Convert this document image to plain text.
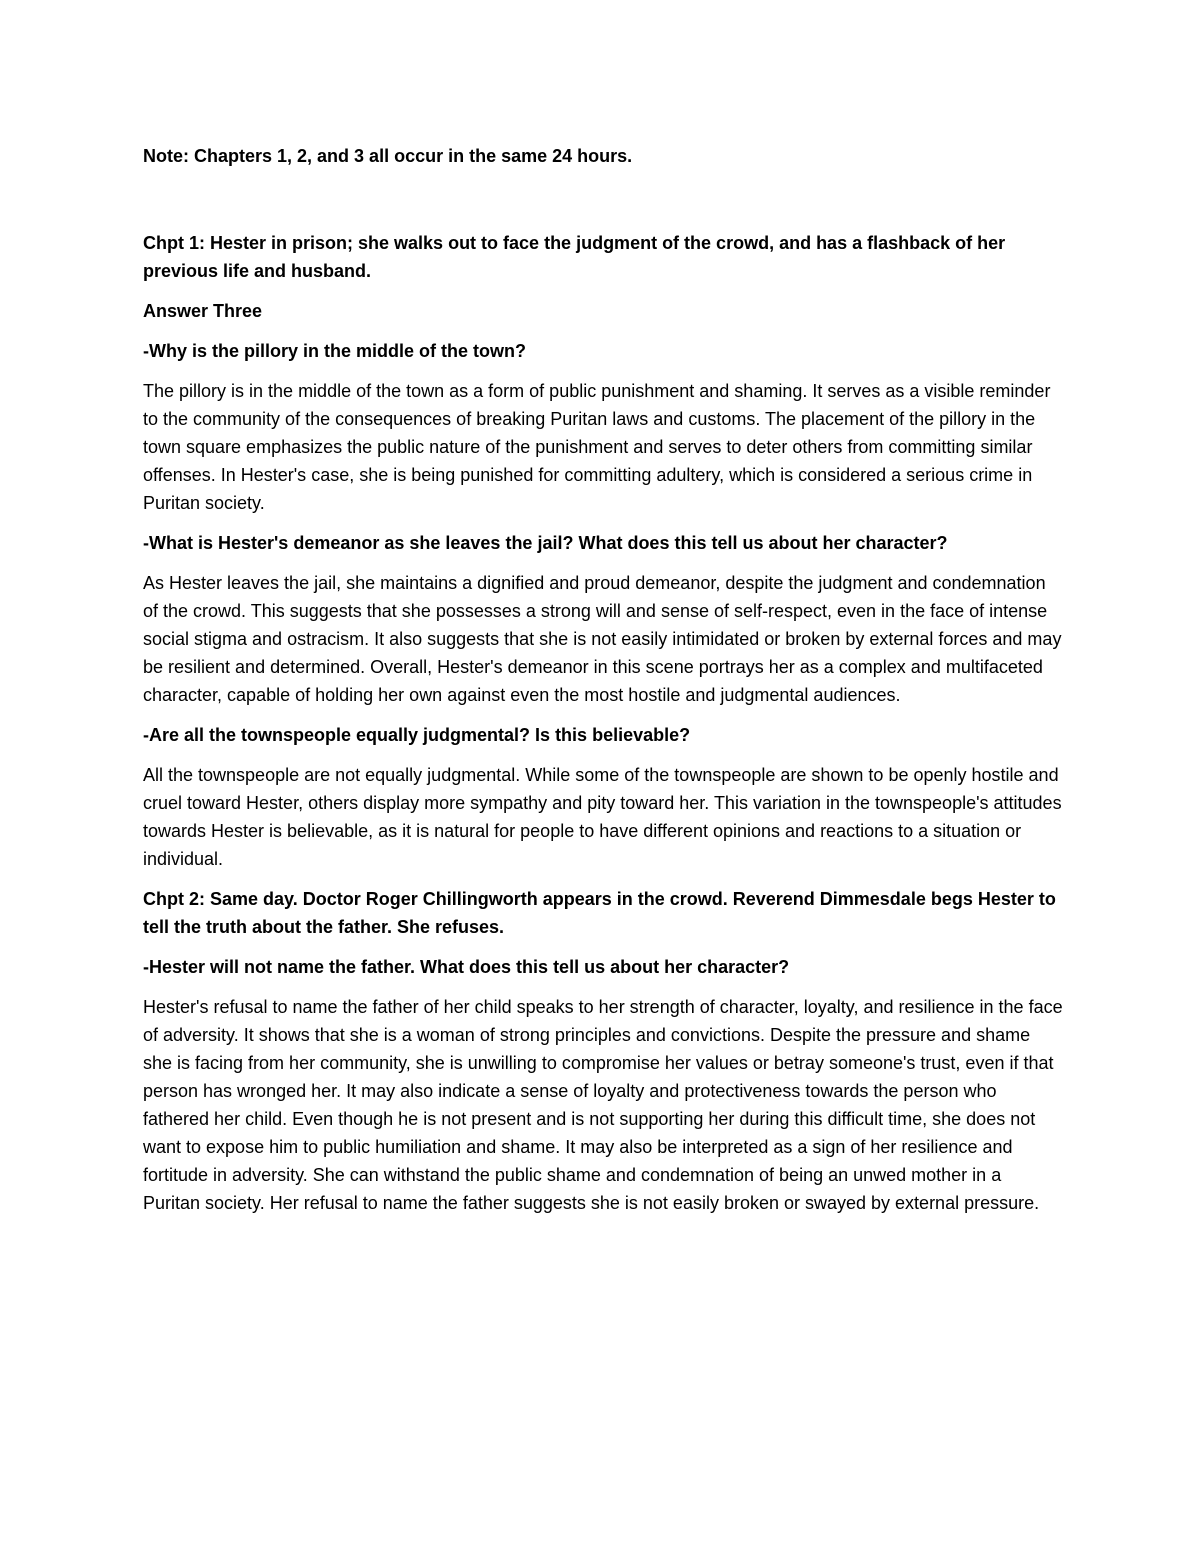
Note: Chapters 1, 2, and 3 all occur in the same 24 hours.

Chpt 1: Hester in prison; she walks out to face the judgment of the crowd, and has a flashback of her previous life and husband.

Answer Three

-Why is the pillory in the middle of the town?

The pillory is in the middle of the town as a form of public punishment and shaming. It serves as a visible reminder to the community of the consequences of breaking Puritan laws and customs. The placement of the pillory in the town square emphasizes the public nature of the punishment and serves to deter others from committing similar offenses. In Hester's case, she is being punished for committing adultery, which is considered a serious crime in Puritan society.

-What is Hester's demeanor as she leaves the jail? What does this tell us about her character?

As Hester leaves the jail, she maintains a dignified and proud demeanor, despite the judgment and condemnation of the crowd. This suggests that she possesses a strong will and sense of self-respect, even in the face of intense social stigma and ostracism. It also suggests that she is not easily intimidated or broken by external forces and may be resilient and determined. Overall, Hester's demeanor in this scene portrays her as a complex and multifaceted character, capable of holding her own against even the most hostile and judgmental audiences.

-Are all the townspeople equally judgmental? Is this believable?

All the townspeople are not equally judgmental. While some of the townspeople are shown to be openly hostile and cruel toward Hester, others display more sympathy and pity toward her. This variation in the townspeople's attitudes towards Hester is believable, as it is natural for people to have different opinions and reactions to a situation or individual.

Chpt 2: Same day. Doctor Roger Chillingworth appears in the crowd. Reverend Dimmesdale begs Hester to tell the truth about the father. She refuses.

-Hester will not name the father. What does this tell us about her character?

Hester's refusal to name the father of her child speaks to her strength of character, loyalty, and resilience in the face of adversity. It shows that she is a woman of strong principles and convictions. Despite the pressure and shame she is facing from her community, she is unwilling to compromise her values or betray someone's trust, even if that person has wronged her. It may also indicate a sense of loyalty and protectiveness towards the person who fathered her child. Even though he is not present and is not supporting her during this difficult time, she does not want to expose him to public humiliation and shame. It may also be interpreted as a sign of her resilience and fortitude in adversity. She can withstand the public shame and condemnation of being an unwed mother in a Puritan society. Her refusal to name the father suggests she is not easily broken or swayed by external pressure.
